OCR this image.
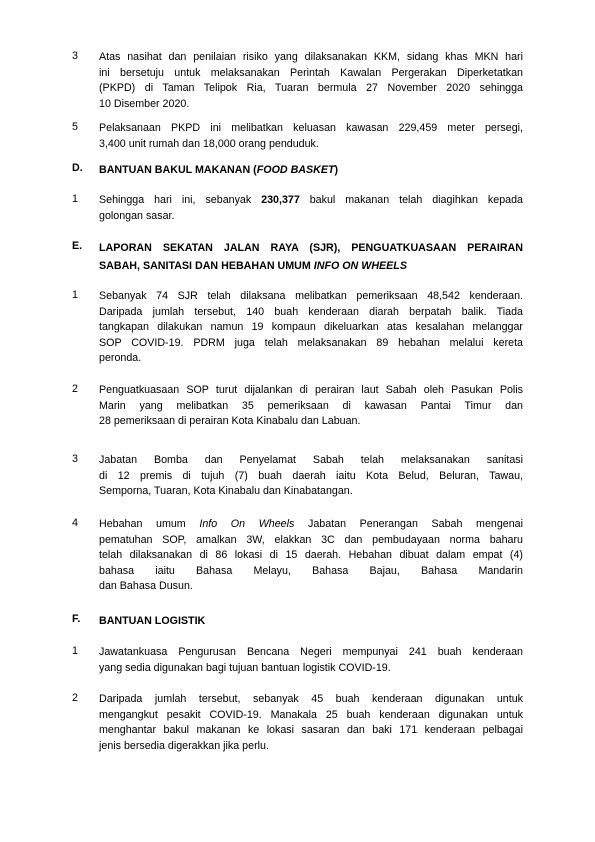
3 Atas nasihat dan penilaian risiko yang dilaksanakan KKM, sidang khas MKN hari
ini bersetuju untuk melaksanakan Perintah Kawalan Pergerakan Diperketatkan
(PKPD) di Taman Telipok Ria, Tuaran bermula 27 November 2020 sehingga
10 Disember 2020.
5 Pelaksanaan PKPD ini melibatkan keluasan kawasan 229,459 meter persegi,
3,400 unit rumah dan 18,000 orang penduduk.
D. BANTUAN BAKUL MAKANAN (FOOD BASKET)
1 Sehingga hari ini, sebanyak 230,377 bakul makanan telah diagihkan kepada
golongan sasar.
E. LAPORAN SEKATAN JALAN RAYA (SJR), PENGUATKUASAAN PERAIRAN
SABAH, SANITASI DAN HEBAHAN UMUM INFO ON WHEELS
1 Sebanyak 74 SJR telah dilaksana melibatkan pemeriksaan 48,542 kenderaan.
Daripada jumlah tersebut, 140 buah kenderaan diarah berpatah balik. Tiada
tangkapan dilakukan namun 19 kompaun dikeluarkan atas kesalahan melanggar
SOP COVID-19. PDRM juga telah melaksanakan 89 hebahan melalui kereta
peronda.
2 Penguatkuasaan SOP turut dijalankan di perairan laut Sabah oleh Pasukan Polis
Marin yang melibatkan 35 pemeriksaan di kawasan Pantai Timur dan
28 pemeriksaan di perairan Kota Kinabalu dan Labuan.
3 Jabatan Bomba dan Penyelamat Sabah telah melaksanakan sanitasi
di 12 premis di tujuh (7) buah daerah iaitu Kota Belud, Beluran, Tawau,
Semporna, Tuaran, Kota Kinabalu dan Kinabatangan.
4 Hebahan umum Info On Wheels Jabatan Penerangan Sabah mengenai
pematuhan SOP, amalkan 3W, elakkan 3C dan pembudayaan norma baharu
telah dilaksanakan di 86 lokasi di 15 daerah. Hebahan dibuat dalam empat (4)
bahasa iaitu Bahasa Melayu, Bahasa Bajau, Bahasa Mandarin
dan Bahasa Dusun.
F. BANTUAN LOGISTIK
1 Jawatankuasa Pengurusan Bencana Negeri mempunyai 241 buah kenderaan
yang sedia digunakan bagi tujuan bantuan logistik COVID-19.
2 Daripada jumlah tersebut, sebanyak 45 buah kenderaan digunakan untuk
mengangkut pesakit COVID-19. Manakala 25 buah kenderaan digunakan untuk
menghantar bakul makanan ke lokasi sasaran dan baki 171 kenderaan pelbagai
jenis bersedia digerakkan jika perlu.
